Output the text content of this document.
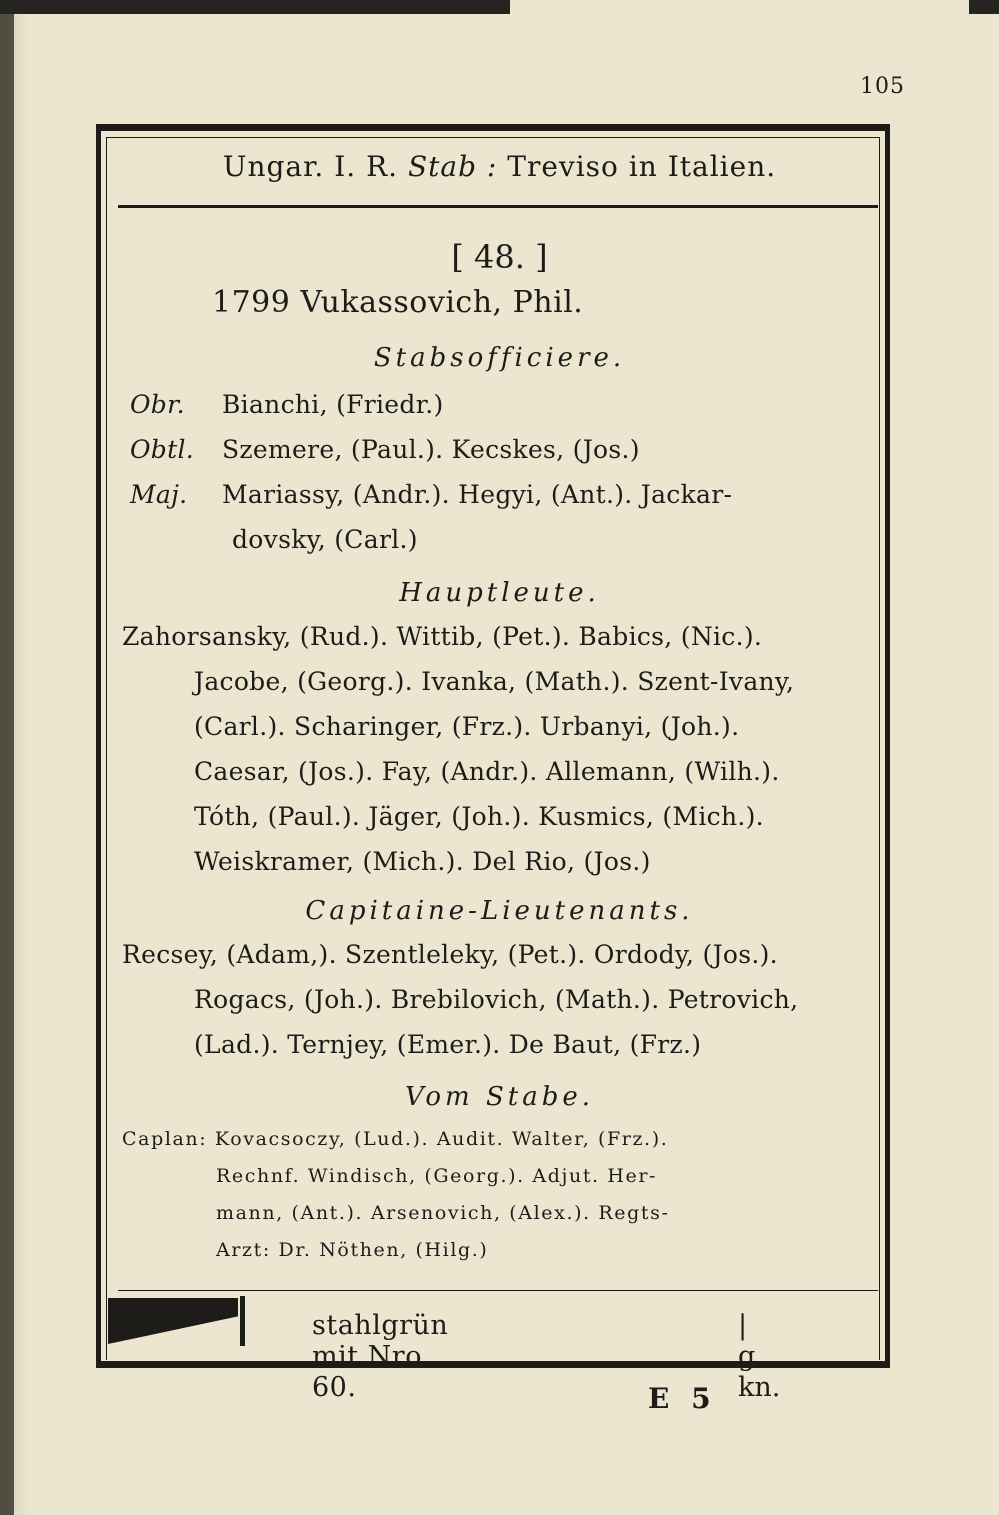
105
Ungar. I. R. Stab : Treviso in Italien.
[ 48. ]
1799 Vukassovich, Phil.
Stabsofficiere.
Obr. Bianchi, (Friedr.)
Obtl. Szemere, (Paul.). Kecskes, (Jos.)
Maj. Mariassy, (Andr.). Hegyi, (Ant.). Jackar-
dovsky, (Carl.)
Hauptleute.
Zahorsansky, (Rud.). Wittib, (Pet.). Babics, (Nic.).
Jacobe, (Georg.). Ivanka, (Math.). Szent-Ivany,
(Carl.). Scharinger, (Frz.). Urbanyi, (Joh.).
Caesar, (Jos.). Fay, (Andr.). Allemann, (Wilh.).
Tóth, (Paul.). Jäger, (Joh.). Kusmics, (Mich.).
Weiskramer, (Mich.). Del Rio, (Jos.)
Capitaine-Lieutenants.
Recsey, (Adam,). Szentleleky, (Pet.). Ordody, (Jos.).
Rogacs, (Joh.). Brebilovich, (Math.). Petrovich,
(Lad.). Ternjey, (Emer.). De Baut, (Frz.)
Vom Stabe.
Caplan: Kovacsoczy, (Lud.). Audit. Walter, (Frz.).
Rechnf. Windisch, (Georg.). Adjut. Her-
mann, (Ant.). Arsenovich, (Alex.). Regts-
Arzt: Dr. Nöthen, (Hilg.)
stahlgrün mit Nro. 60.
| g. kn.
E 5
